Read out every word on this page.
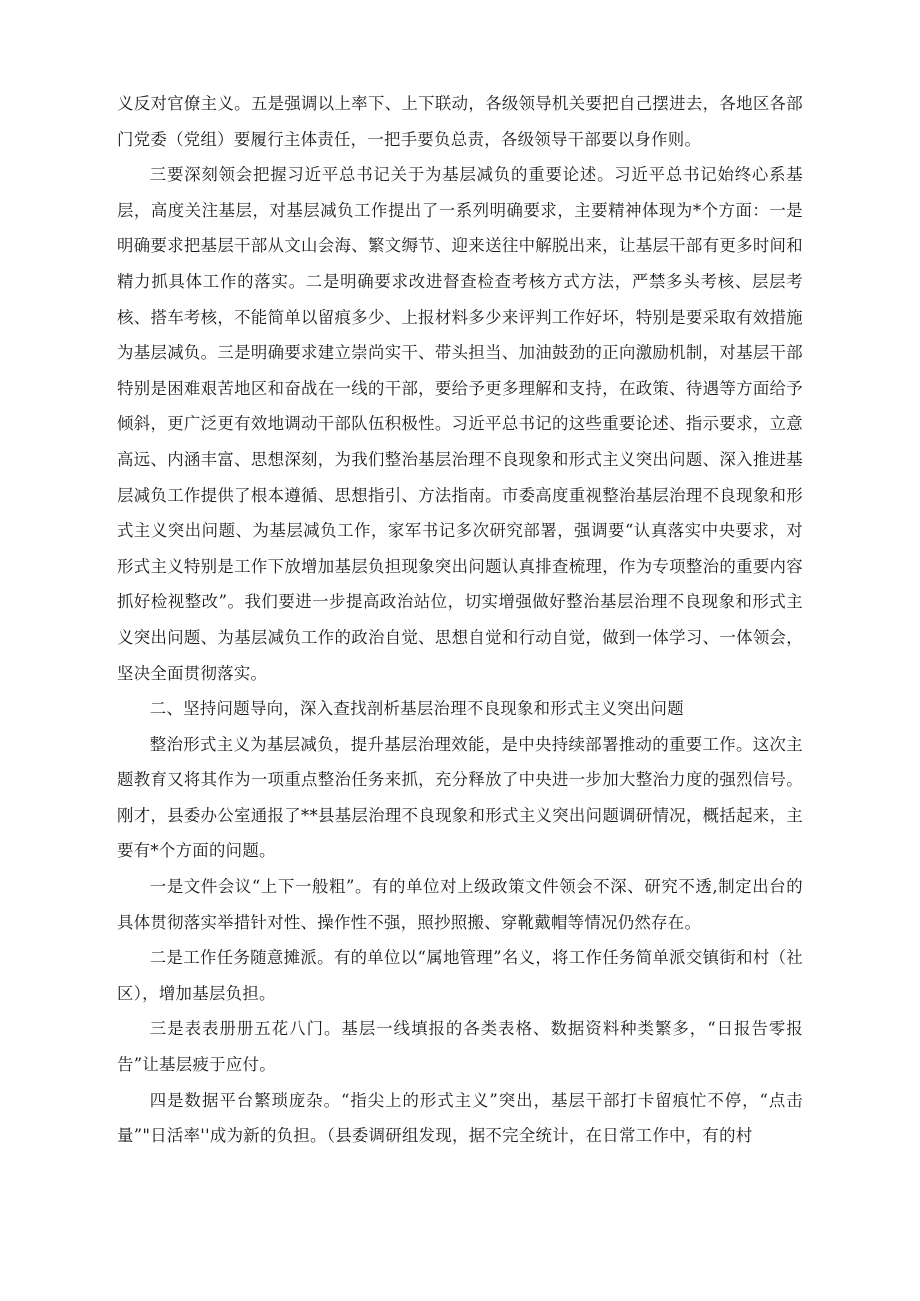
义反对官僚主义。五是强调以上率下、上下联动，各级领导机关要把自己摆进去，各地区各部门党委（党组）要履行主体责任，一把手要负总责，各级领导干部要以身作则。

三要深刻领会把握习近平总书记关于为基层减负的重要论述。习近平总书记始终心系基层，高度关注基层，对基层减负工作提出了一系列明确要求，主要精神体现为*个方面：一是明确要求把基层干部从文山会海、繁文缛节、迎来送往中解脱出来，让基层干部有更多时间和精力抓具体工作的落实。二是明确要求改进督查检查考核方式方法，严禁多头考核、层层考核、搭车考核，不能简单以留痕多少、上报材料多少来评判工作好坏，特别是要采取有效措施为基层减负。三是明确要求建立崇尚实干、带头担当、加油鼓劲的正向激励机制，对基层干部特别是困难艰苦地区和奋战在一线的干部，要给予更多理解和支持，在政策、待遇等方面给予倾斜，更广泛更有效地调动干部队伍积极性。习近平总书记的这些重要论述、指示要求，立意高远、内涵丰富、思想深刻，为我们整治基层治理不良现象和形式主义突出问题、深入推进基层减负工作提供了根本遵循、思想指引、方法指南。市委高度重视整治基层治理不良现象和形式主义突出问题、为基层减负工作，家军书记多次研究部署，强调要“认真落实中央要求，对形式主义特别是工作下放增加基层负担现象突出问题认真排查梳理，作为专项整治的重要内容抓好检视整改”。我们要进一步提高政治站位，切实增强做好整治基层治理不良现象和形式主义突出问题、为基层减负工作的政治自觉、思想自觉和行动自觉，做到一体学习、一体领会，坚决全面贯彻落实。

二、坚持问题导向，深入查找剖析基层治理不良现象和形式主义突出问题

整治形式主义为基层减负，提升基层治理效能，是中央持续部署推动的重要工作。这次主题教育又将其作为一项重点整治任务来抓，充分释放了中央进一步加大整治力度的强烈信号。刚才，县委办公室通报了**县基层治理不良现象和形式主义突出问题调研情况，概括起来，主要有*个方面的问题。

一是文件会议“上下一般粗”。有的单位对上级政策文件领会不深、研究不透,制定出台的具体贯彻落实举措针对性、操作性不强，照抄照搬、穿靴戴帽等情况仍然存在。

二是工作任务随意摊派。有的单位以“属地管理”名义，将工作任务简单派交镇街和村（社区），增加基层负担。

三是表表册册五花八门。基层一线填报的各类表格、数据资料种类繁多，“日报告零报告”让基层疲于应付。

四是数据平台繁琐庞杂。“指尖上的形式主义”突出，基层干部打卡留痕忙不停，“点击量”"日活率''成为新的负担。（县委调研组发现，据不完全统计，在日常工作中，有的村
